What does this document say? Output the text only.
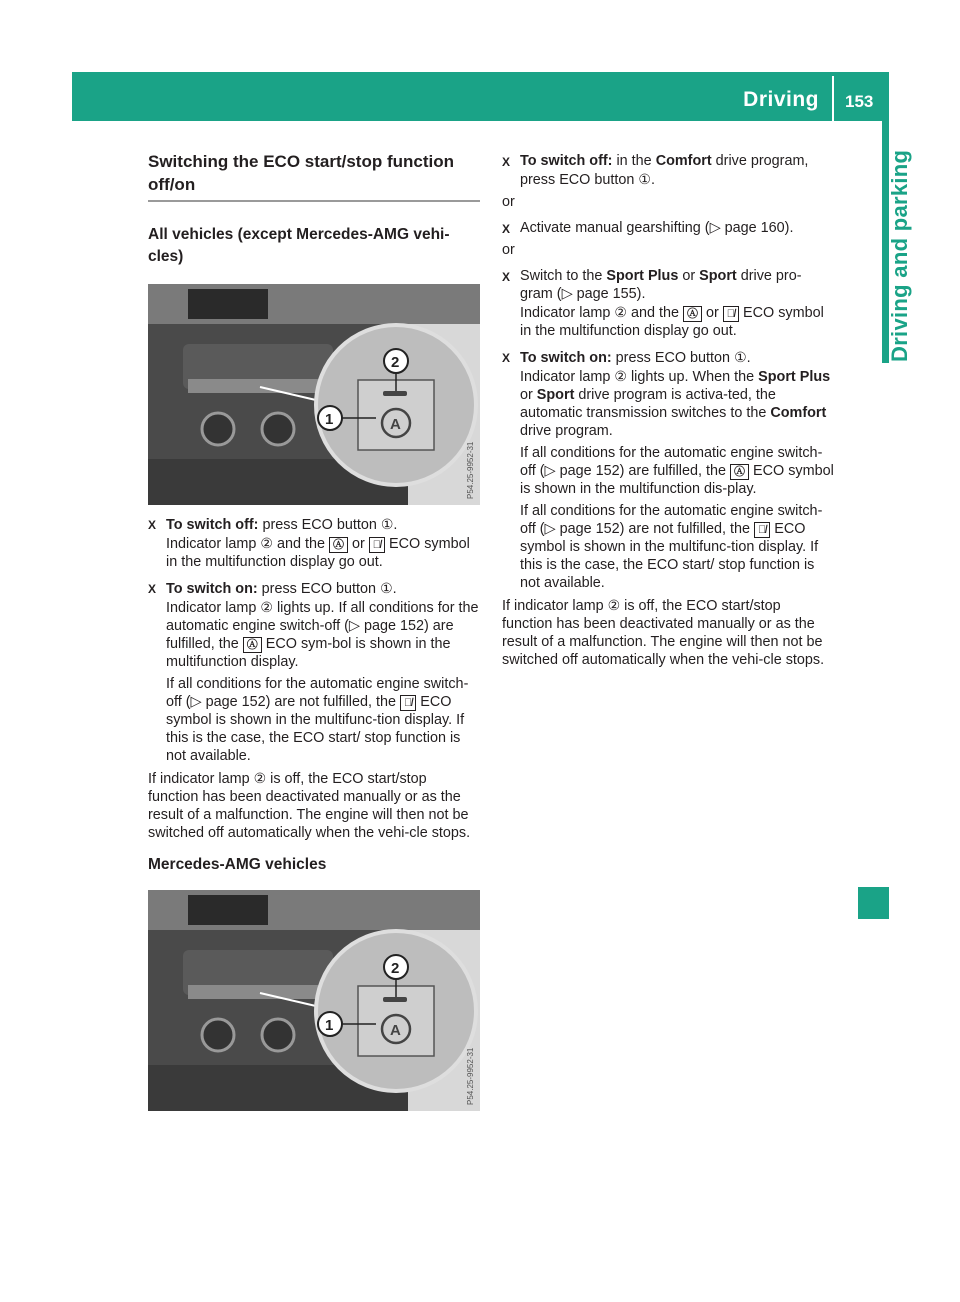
Driving 153
Driving and parking
Switching the ECO start/stop function off/on
All vehicles (except Mercedes-AMG vehi-cles)
A
2
1
P54.25-9952-31
X To switch off: press ECO button ①.
Indicator lamp ② and the Ⓐ or Ⓐ̸ ECO symbol in the multifunction display go out.

X To switch on: press ECO button ①.
Indicator lamp ② lights up. If all conditions for the automatic engine switch-off (▷ page 152) are fulfilled, the Ⓐ ECO sym-bol is shown in the multifunction display.

If all conditions for the automatic engine switch-off (▷ page 152) are not fulfilled, the Ⓐ̸ ECO symbol is shown in the multifunc-tion display. If this is the case, the ECO start/ stop function is not available.

If indicator lamp ② is off, the ECO start/stop function has been deactivated manually or as the result of a malfunction. The engine will then not be switched off automatically when the vehi-cle stops.

Mercedes-AMG vehicles
A
2
1
P54.25-9952-31
X To switch off: in the Comfort drive program, press ECO button ①.

or

X Activate manual gearshifting (▷ page 160).

or

X Switch to the Sport Plus or Sport drive pro-gram (▷ page 155).
Indicator lamp ② and the Ⓐ or Ⓐ̸ ECO symbol in the multifunction display go out.

X To switch on: press ECO button ①.
Indicator lamp ② lights up. When the Sport Plus or Sport drive program is activa-ted, the automatic transmission switches to the Comfort drive program.

If all conditions for the automatic engine switch-off (▷ page 152) are fulfilled, the Ⓐ ECO symbol is shown in the multifunction dis-play.

If all conditions for the automatic engine switch-off (▷ page 152) are not fulfilled, the Ⓐ̸ ECO symbol is shown in the multifunc-tion display. If this is the case, the ECO start/ stop function is not available.

If indicator lamp ② is off, the ECO start/stop function has been deactivated manually or as the result of a malfunction. The engine will then not be switched off automatically when the vehi-cle stops.
